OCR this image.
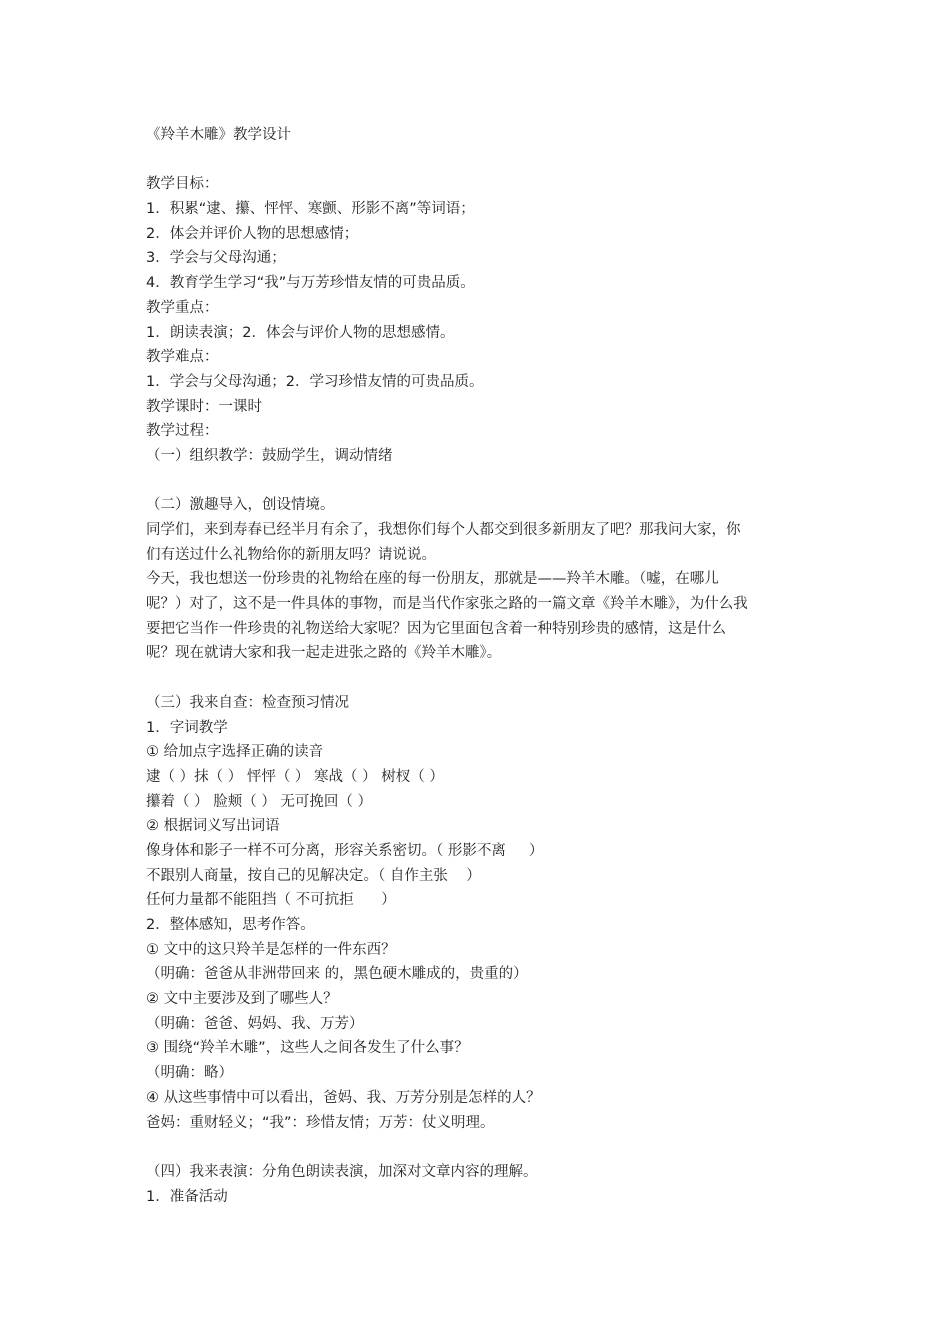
《羚羊木雕》教学设计
教学目标：
1．积累“逮、攥、怦怦、寒颤、形影不离”等词语；
2．体会并评价人物的思想感情；
3．学会与父母沟通；
4．教育学生学习“我”与万芳珍惜友情的可贵品质。
教学重点：
1．朗读表演；2．体会与评价人物的思想感情。
教学难点：
1．学会与父母沟通；2．学习珍惜友情的可贵品质。
教学课时：一课时
教学过程：
（一）组织教学：鼓励学生，调动情绪
（二）激趣导入，创设情境。
同学们，来到寿春已经半月有余了，我想你们每个人都交到很多新朋友了吧？那我问大家，你
们有送过什么礼物给你的新朋友吗？请说说。
今天，我也想送一份珍贵的礼物给在座的每一份朋友，那就是——羚羊木雕。（嘘，在哪儿
呢？）对了，这不是一件具体的事物，而是当代作家张之路的一篇文章《羚羊木雕》，为什么我
要把它当作一件珍贵的礼物送给大家呢？因为它里面包含着一种特别珍贵的感情，这是什么
呢？现在就请大家和我一起走进张之路的《羚羊木雕》。
（三）我来自查：检查预习情况
1．字词教学
① 给加点字选择正确的读音
逮（ ）抹（ ） 怦怦（ ） 寒战（ ） 树杈（ ）
攥着（ ） 脸颊（ ） 无可挽回（ ）
② 根据词义写出词语
像身体和影子一样不可分离，形容关系密切。（ 形影不离     ）
不跟别人商量，按自己的见解决定。（ 自作主张    ）
任何力量都不能阻挡（ 不可抗拒      ）
2．整体感知，思考作答。
① 文中的这只羚羊是怎样的一件东西？
（明确：爸爸从非洲带回来 的，黑色硬木雕成的，贵重的）
② 文中主要涉及到了哪些人？
（明确：爸爸、妈妈、我、万芳）
③ 围绕“羚羊木雕”，这些人之间各发生了什么事？
（明确：略）
④ 从这些事情中可以看出，爸妈、我、万芳分别是怎样的人？
爸妈：重财轻义；“我”：珍惜友情；万芳：仗义明理。
（四）我来表演：分角色朗读表演，加深对文章内容的理解。
1．准备活动
